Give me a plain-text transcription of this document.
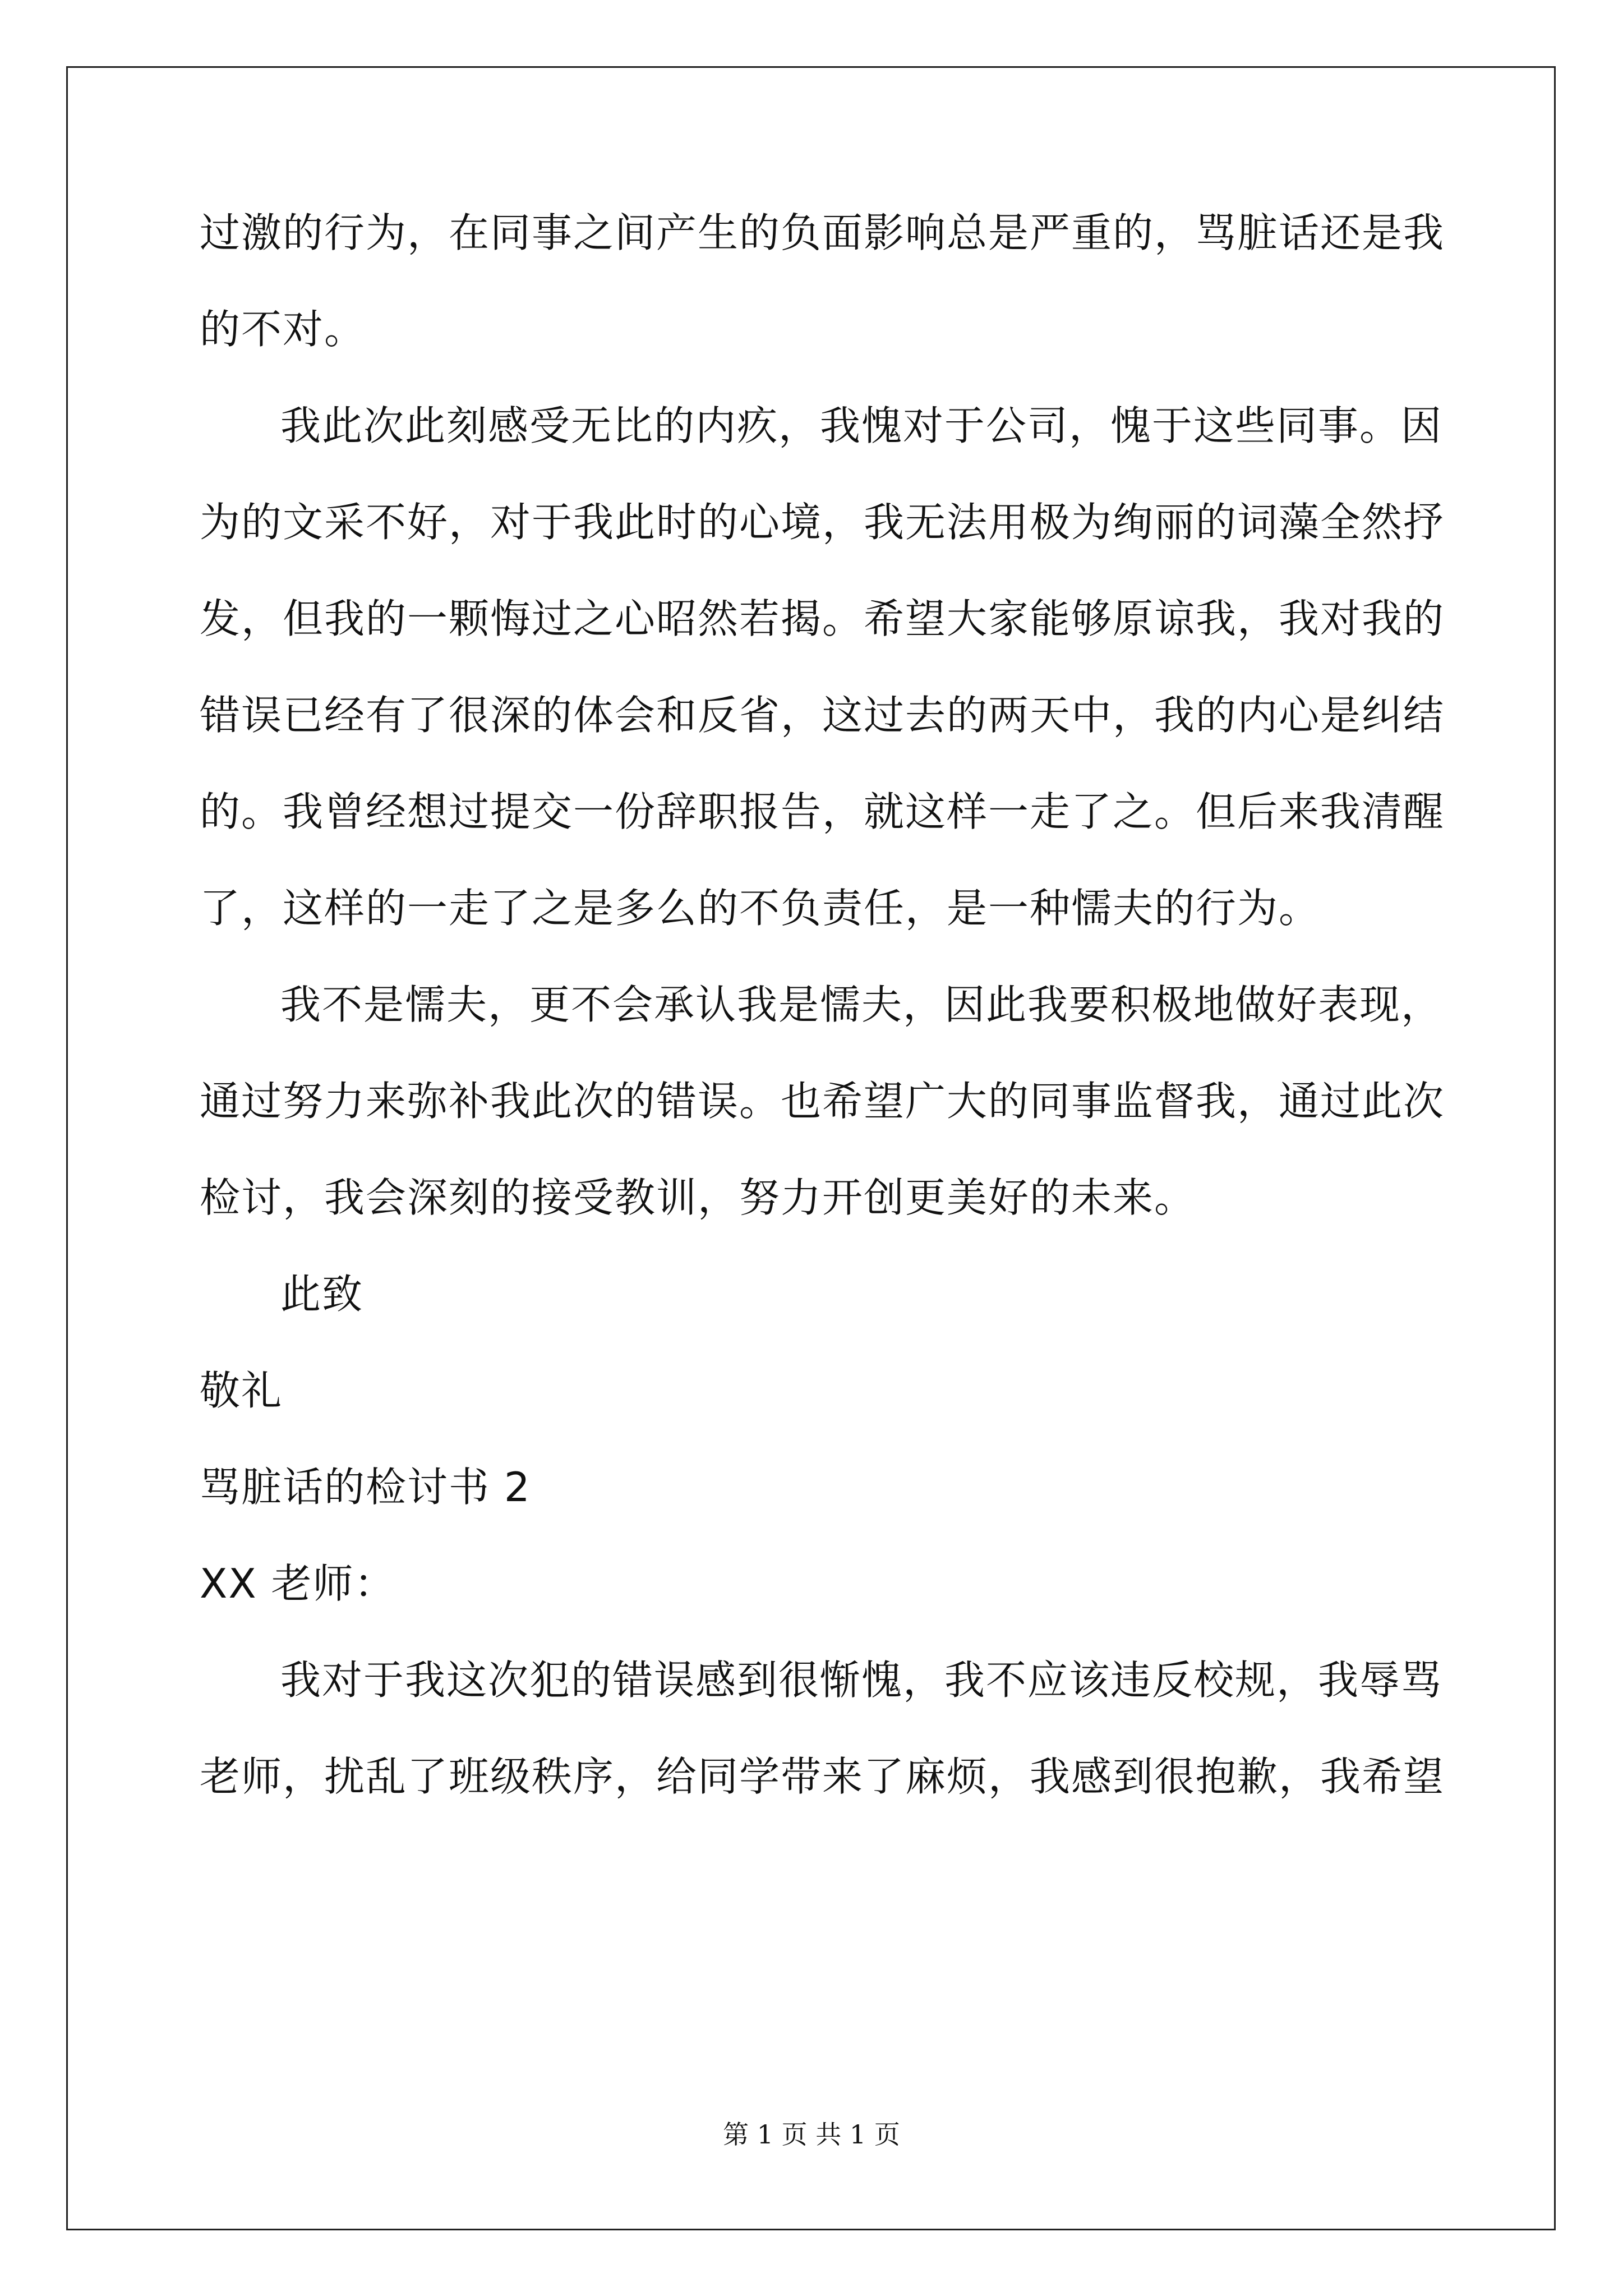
过激的行为，在同事之间产生的负面影响总是严重的，骂脏话还是我
的不对。
我此次此刻感受无比的内疚，我愧对于公司，愧于这些同事。因
为的文采不好，对于我此时的心境，我无法用极为绚丽的词藻全然抒
发，但我的一颗悔过之心昭然若揭。希望大家能够原谅我，我对我的
错误已经有了很深的体会和反省，这过去的两天中，我的内心是纠结
的。我曾经想过提交一份辞职报告，就这样一走了之。但后来我清醒
了，这样的一走了之是多么的不负责任，是一种懦夫的行为。
我不是懦夫，更不会承认我是懦夫，因此我要积极地做好表现，
通过努力来弥补我此次的错误。也希望广大的同事监督我，通过此次
检讨，我会深刻的接受教训，努力开创更美好的未来。
此致
敬礼
骂脏话的检讨书 2
XX 老师：
我对于我这次犯的错误感到很惭愧，我不应该违反校规，我辱骂
老师，扰乱了班级秩序，给同学带来了麻烦，我感到很抱歉，我希望
第 1 页 共 1 页
